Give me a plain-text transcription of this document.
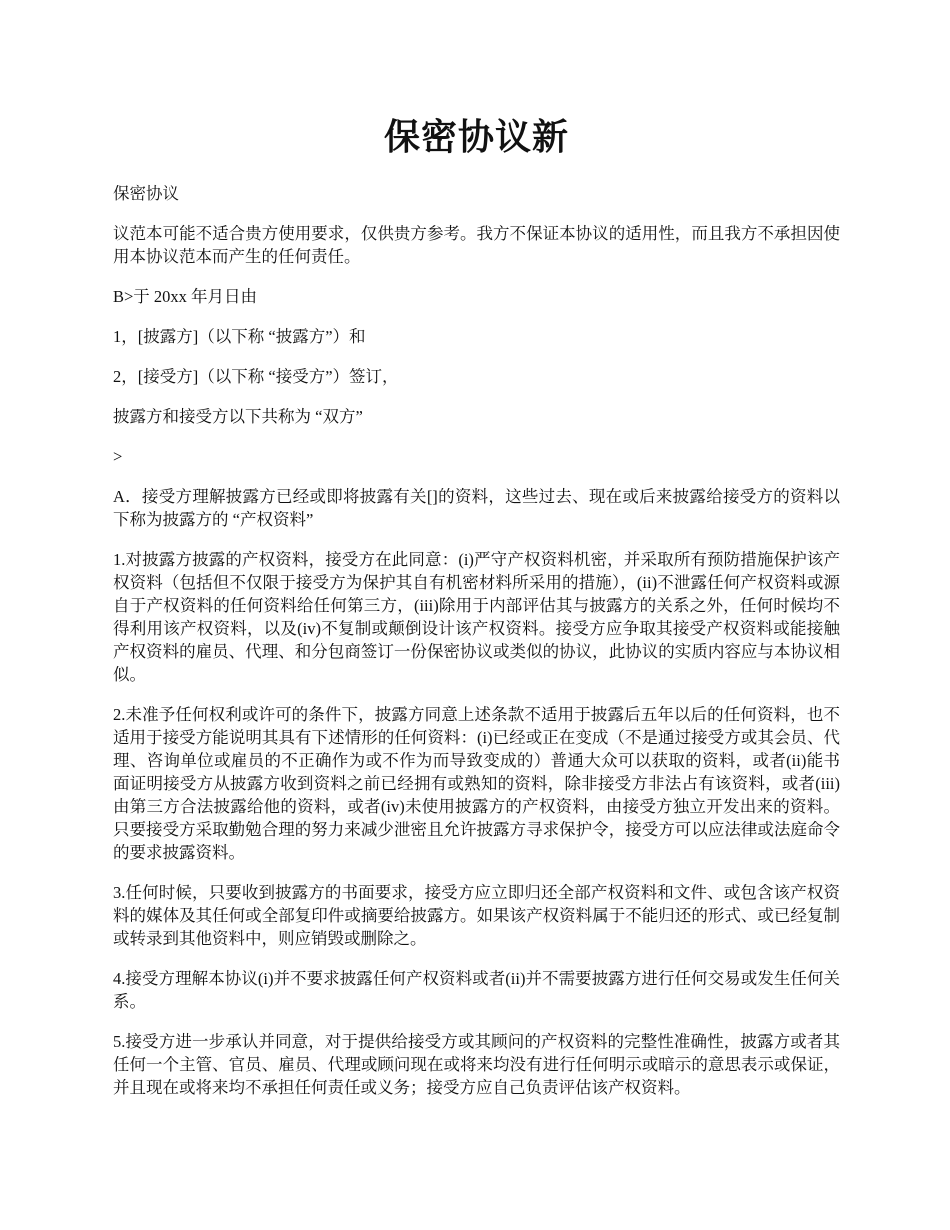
保密协议新

保密协议

议范本可能不适合贵方使用要求，仅供贵方参考。我方不保证本协议的适用性，而且我方不承担因使用本协议范本而产生的任何责任。

B>于 20xx 年月日由

1，[披露方]（以下称 “披露方”）和

2，[接受方]（以下称 “接受方”）签订，

披露方和接受方以下共称为 “双方”

>

A．接受方理解披露方已经或即将披露有关[]的资料，这些过去、现在或后来披露给接受方的资料以下称为披露方的 “产权资料”

1.对披露方披露的产权资料，接受方在此同意：(i)严守产权资料机密，并采取所有预防措施保护该产权资料（包括但不仅限于接受方为保护其自有机密材料所采用的措施），(ii)不泄露任何产权资料或源自于产权资料的任何资料给任何第三方，(iii)除用于内部评估其与披露方的关系之外，任何时候均不得利用该产权资料，以及(iv)不复制或颠倒设计该产权资料。接受方应争取其接受产权资料或能接触产权资料的雇员、代理、和分包商签订一份保密协议或类似的协议，此协议的实质内容应与本协议相似。

2.未准予任何权利或许可的条件下，披露方同意上述条款不适用于披露后五年以后的任何资料，也不适用于接受方能说明其具有下述情形的任何资料：(i)已经或正在变成（不是通过接受方或其会员、代理、咨询单位或雇员的不正确作为或不作为而导致变成的）普通大众可以获取的资料，或者(ii)能书面证明接受方从披露方收到资料之前已经拥有或熟知的资料，除非接受方非法占有该资料，或者(iii)由第三方合法披露给他的资料，或者(iv)未使用披露方的产权资料，由接受方独立开发出来的资料。只要接受方采取勤勉合理的努力来减少泄密且允许披露方寻求保护令，接受方可以应法律或法庭命令的要求披露资料。

3.任何时候，只要收到披露方的书面要求，接受方应立即归还全部产权资料和文件、或包含该产权资料的媒体及其任何或全部复印件或摘要给披露方。如果该产权资料属于不能归还的形式、或已经复制或转录到其他资料中，则应销毁或删除之。

4.接受方理解本协议(i)并不要求披露任何产权资料或者(ii)并不需要披露方进行任何交易或发生任何关系。

5.接受方进一步承认并同意，对于提供给接受方或其顾问的产权资料的完整性准确性，披露方或者其任何一个主管、官员、雇员、代理或顾问现在或将来均没有进行任何明示或暗示的意思表示或保证，并且现在或将来均不承担任何责任或义务；接受方应自己负责评估该产权资料。
